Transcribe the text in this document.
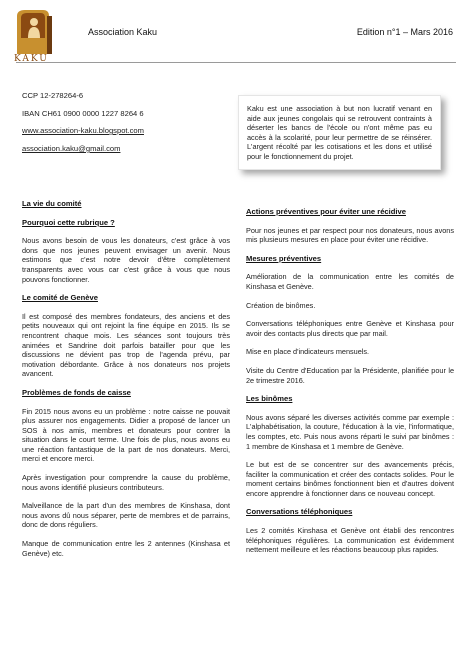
KAKU
Association Kaku	Edition n°1 – Mars 2016
CCP 12-278264-6
IBAN CH61 0900 0000 1227 8264 6
www.association-kaku.blogspot.com
association.kaku@gmail.com
Kaku est une association à but non lucratif venant en aide aux jeunes congolais qui se retrouvent contraints à déserter les bancs de l'école ou n'ont même pas eu accès à la scolarité, pour leur permettre de se réinsérer. L'argent récolté par les cotisations et les dons et utilisé pour le fonctionnement du projet.
La vie du comité
Pourquoi cette rubrique ?

Nous avons besoin de vous les donateurs, c'est grâce à vos dons que nos jeunes peuvent envisager un avenir. Nous estimons que c'est notre devoir d'être complètement transparents avec vous car c'est grâce à vous que nous pouvons fonctionner.

Le comité de Genève

Il est composé des membres fondateurs, des anciens et des petits nouveaux qui ont rejoint la fine équipe en 2015. Ils se rencontrent chaque mois. Les séances sont toujours très animées et Sandrine doit parfois batailler pour que les discussions ne dévient pas trop de l'agenda prévu, par motivation débordante. Grâce à nos donateurs nos projets avancent.

Problèmes de fonds de caisse

Fin 2015 nous avons eu un problème : notre caisse ne pouvait plus assurer nos engagements. Didier a proposé de lancer un SOS à nos amis, membres et donateurs pour contrer la situation dans le court terme. Une fois de plus, nous avons eu une réaction fantastique de la part de nos donateurs. Merci, merci et encore merci.

Après investigation pour comprendre la cause du problème, nous avons identifié plusieurs contributeurs.

Malveillance de la part d'un des membres de Kinshasa, dont nous avons dû nous séparer, perte de membres et de parrains, donc de dons réguliers.

Manque de communication entre les 2 antennes (Kinshasa et Genève) etc.

Actions préventives pour éviter une récidive

Pour nos jeunes et par respect pour nos donateurs, nous avons mis plusieurs mesures en place pour éviter une récidive.

Mesures préventives

Amélioration de la communication entre les comités de Kinshasa et Genève.

Création de binômes.

Conversations téléphoniques entre Genève et Kinshasa pour avoir des contacts plus directs que par mail.

Mise en place d'indicateurs mensuels.

Visite du Centre d'Education par la Présidente, planifiée pour le 2e trimestre 2016.

Les binômes

Nous avons séparé les diverses activités comme par exemple : L'alphabétisation, la couture, l'éducation à la vie, l'informatique, les comptes, etc. Puis nous avons réparti le suivi par binômes : 1 membre de Kinshasa et 1 membre de Genève.

Le but est de se concentrer sur des avancements précis, faciliter la communication et créer des contacts solides. Pour le moment certains binômes fonctionnent bien et d'autres doivent encore apprendre à fonctionner dans ce nouveau concept.

Conversations téléphoniques

Les 2 comités Kinshasa et Genève ont établi des rencontres téléphoniques régulières. La communication est évidemment nettement meilleure et les réactions beaucoup plus rapides.
